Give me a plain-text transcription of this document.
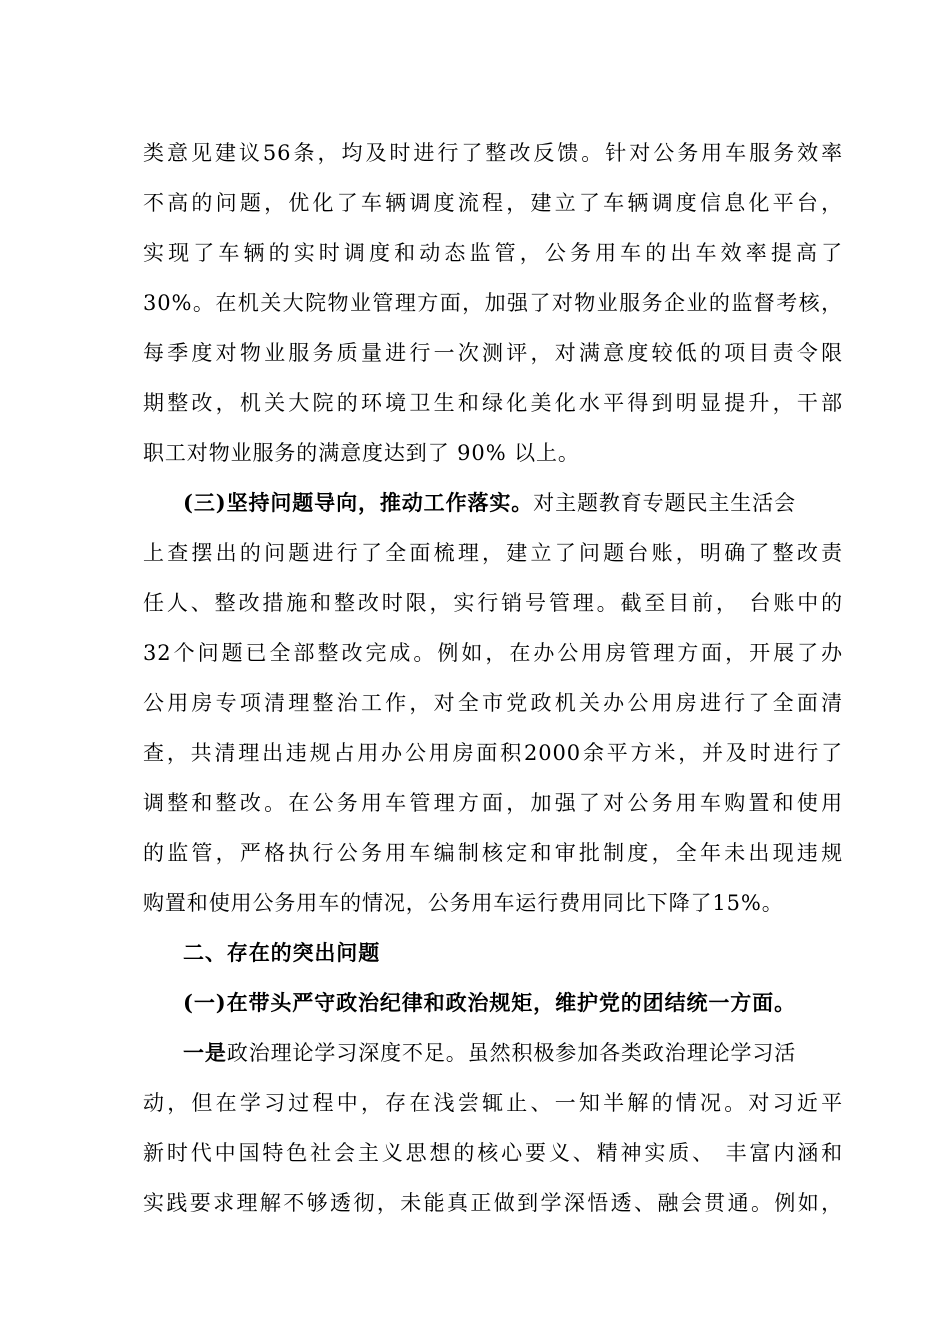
类意见建议56条，均及时进行了整改反馈。针对公务用车服务效率
不高的问题，优化了车辆调度流程，建立了车辆调度信息化平台，
实现了车辆的实时调度和动态监管，公务用车的出车效率提高了
30%。在机关大院物业管理方面，加强了对物业服务企业的监督考核，
每季度对物业服务质量进行一次测评，对满意度较低的项目责令限
期整改，机关大院的环境卫生和绿化美化水平得到明显提升，干部
职工对物业服务的满意度达到了 90% 以上。
(三)坚持问题导向，推动工作落实。对主题教育专题民主生活会
上查摆出的问题进行了全面梳理，建立了问题台账，明确了整改责
任人、整改措施和整改时限，实行销号管理。截至目前， 台账中的
32个问题已全部整改完成。例如，在办公用房管理方面，开展了办
公用房专项清理整治工作，对全市党政机关办公用房进行了全面清
查，共清理出违规占用办公用房面积2000余平方米，并及时进行了
调整和整改。在公务用车管理方面，加强了对公务用车购置和使用
的监管，严格执行公务用车编制核定和审批制度，全年未出现违规
购置和使用公务用车的情况，公务用车运行费用同比下降了15%。
二、存在的突出问题
(一)在带头严守政治纪律和政治规矩，维护党的团结统一方面。
一是政治理论学习深度不足。虽然积极参加各类政治理论学习活
动，但在学习过程中，存在浅尝辄止、一知半解的情况。对习近平
新时代中国特色社会主义思想的核心要义、精神实质、 丰富内涵和
实践要求理解不够透彻，未能真正做到学深悟透、融会贯通。例如，
